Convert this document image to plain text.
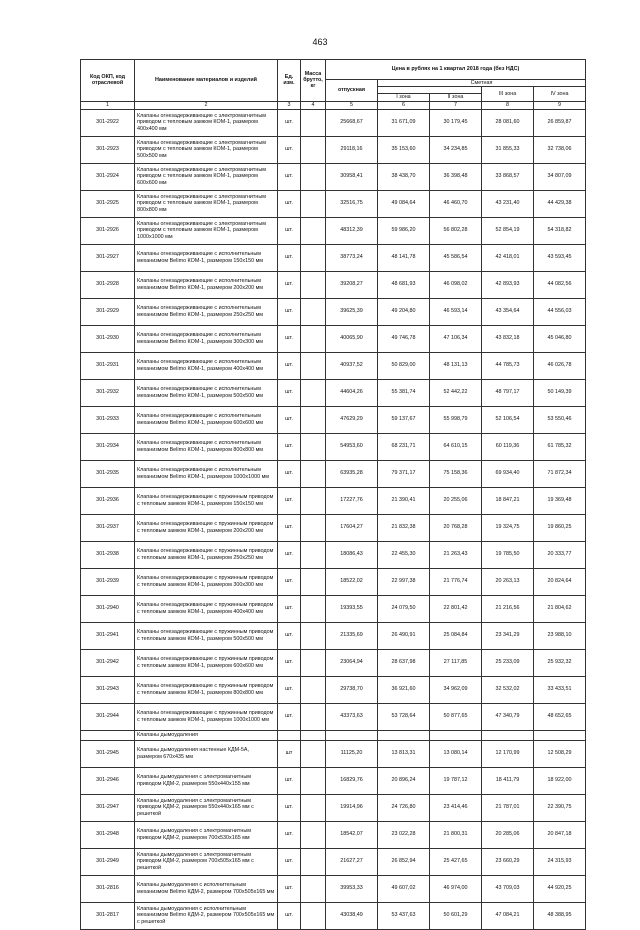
463
Код ОКП, код отраслевой	Наименование материалов и изделий	Ед. изм.	Масса брутто, кг	Цена в рублях на 1 квартал 2018 года (без НДС)				
				отпускная	Сметная			
							III зона	IV зона
					I зона	II зона		
1	2	3	4	5	6	7	8	9
301-2922	Клапаны огнезадерживающие с электромагнитным приводом с тепловым замком КОМ-1, размером 400х400 мм	шт.		25668,67	31 671,09	30 179,45	28 081,60	26 859,87
301-2923	Клапаны огнезадерживающие с электромагнитным приводом с тепловым замком КОМ-1, размером 500х500 мм	шт.		29118,16	35 153,60	34 234,85	31 855,33	32 738,06
301-2924	Клапаны огнезадерживающие с электромагнитным приводом с тепловым замком КОМ-1, размером 600х600 мм	шт.		30958,41	38 438,70	36 398,48	33 868,57	34 807,09
301-2925	Клапаны огнезадерживающие с электромагнитным приводом с тепловым замком КОМ-1, размером 800х800 мм	шт.		32516,75	49 084,64	46 460,70	43 231,40	44 429,38
301-2926	Клапаны огнезадерживающие с электромагнитным приводом с тепловым замком КОМ-1, размером 1000х1000 мм	шт.		48312,39	59 986,20	56 802,28	52 854,19	54 318,82
301-2927	Клапаны огнезадерживающие с исполнительным механизмом Belimo КОМ-1, размером 150х150 мм	шт.		38773,24	48 141,78	45 586,54	42 418,01	43 593,45
301-2928	Клапаны огнезадерживающие с исполнительным механизмом Belimo КОМ-1, размером 200х200 мм	шт.		39208,27	48 681,93	46 098,02	42 893,93	44 082,56
301-2929	Клапаны огнезадерживающие с исполнительным механизмом Belimo КОМ-1, размером 250х250 мм	шт.		39625,39	49 204,80	46 593,14	43 354,64	44 556,03
301-2930	Клапаны огнезадерживающие с исполнительным механизмом Belimo КОМ-1, размером 300х300 мм	шт.		40065,90	49 746,78	47 106,34	43 832,18	45 046,80
301-2931	Клапаны огнезадерживающие с исполнительным механизмом Belimo КОМ-1, размером 400х400 мм	шт.		40937,52	50 829,00	48 131,13	44 785,73	46 026,78
301-2932	Клапаны огнезадерживающие с исполнительным механизмом Belimo КОМ-1, размером 500х500 мм	шт.		44604,26	55 381,74	52 442,22	48 797,17	50 149,39
301-2933	Клапаны огнезадерживающие с исполнительным механизмом Belimo КОМ-1, размером 600х600 мм	шт.		47629,29	59 137,67	55 998,79	52 106,54	53 550,46
301-2934	Клапаны огнезадерживающие с исполнительным механизмом Belimo КОМ-1, размером 800х800 мм	шт.		54953,60	68 231,71	64 610,15	60 119,36	61 785,32
301-2935	Клапаны огнезадерживающие с исполнительным механизмом Belimo КОМ-1, размером 1000х1000 мм	шт.		63935,28	79 371,17	75 158,36	69 934,40	71 872,34
301-2936	Клапаны огнезадерживающие с пружинным приводом с тепловым замком КОМ-1, размером 150х150 мм	шт.		17227,76	21 390,41	20 255,06	18 847,21	19 369,48
301-2937	Клапаны огнезадерживающие с пружинным приводом с тепловым замком КОМ-1, размером 200х200 мм	шт.		17604,27	21 832,38	20 768,28	19 324,75	19 860,25
301-2938	Клапаны огнезадерживающие с пружинным приводом с тепловым замком КОМ-1, размером 250х250 мм	шт.		18086,43	22 455,30	21 263,43	19 785,50	20 333,77
301-2939	Клапаны огнезадерживающие с пружинным приводом с тепловым замком КОМ-1, размером 300х300 мм	шт.		18522,02	22 997,38	21 776,74	20 263,13	20 824,64
301-2940	Клапаны огнезадерживающие с пружинным приводом с тепловым замком КОМ-1, размером 400х400 мм	шт.		19393,55	24 079,50	22 801,42	21 216,56	21 804,62
301-2941	Клапаны огнезадерживающие с пружинным приводом с тепловым замком КОМ-1, размером 500х500 мм	шт.		21335,69	26 490,91	25 084,84	23 341,29	23 988,10
301-2942	Клапаны огнезадерживающие с пружинным приводом с тепловым замком КОМ-1, размером 600х600 мм	шт.		23064,94	28 637,98	27 117,85	25 233,09	25 932,32
301-2943	Клапаны огнезадерживающие с пружинным приводом с тепловым замком КОМ-1, размером 800х800 мм	шт.		29738,70	36 921,60	34 962,09	32 532,02	33 433,51
301-2944	Клапаны огнезадерживающие с пружинным приводом с тепловым замком КОМ-1, размером 1000х1000 мм	шт.		43373,63	53 728,64	50 877,65	47 340,79	48 652,65
	Клапаны дымоудаления							
301-2945	Клапаны дымоудаления настенные КДМ-5А, размером 670х435 мм	шт		11125,20	13 813,31	13 080,14	12 170,99	12 508,29
301-2946	Клапаны дымоудаления с электромагнитным приводом КДМ-2, размером 550х440х155 мм	шт.		16829,76	20 896,24	19 787,12	18 411,79	18 922,00
301-2947	Клапаны дымоудаления с электромагнитным приводом КДМ-2, размером 550х440х165 мм с решеткой	шт.		19914,96	24 726,80	23 414,46	21 787,01	22 390,75
301-2948	Клапаны дымоудаления с электромагнитным приводом КДМ-2, размером 700х530х165 мм	шт.		18542,07	23 022,28	21 800,31	20 285,06	20 847,18
301-2949	Клапаны дымоудаления с электромагнитным приводом КДМ-2, размером 700х505х165 мм с решеткой	шт.		21627,27	26 852,94	25 427,65	23 660,29	24 315,93
301-2816	Клапаны дымоудаления с исполнительным механизмом Belimo КДМ-2, размером 700х505х165 мм	шт.		39953,33	49 607,02	46 974,00	43 709,03	44 920,25
301-2817	Клапаны дымоудаления с исполнительным механизмом Belimo КДМ-2, размером 700х505х165 мм с решеткой	шт.		43038,49	53 437,63	50 601,29	47 084,21	48 388,95
